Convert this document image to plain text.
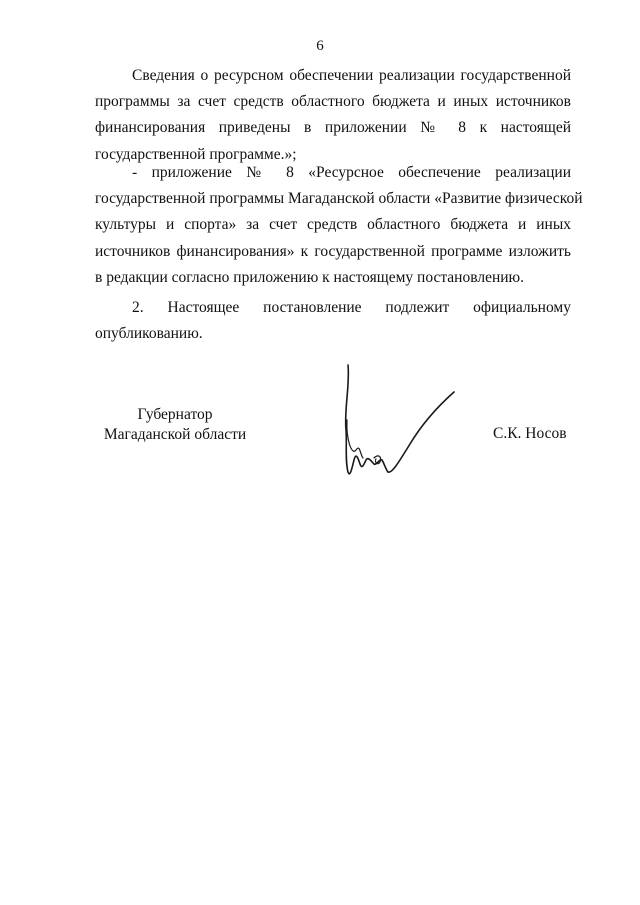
6
Сведения о ресурсном обеспечении реализации государственной
программы за счет средств областного бюджета и иных источников
финансирования приведены в приложении № 8 к настоящей
государственной программе.»;
- приложение № 8 «Ресурсное обеспечение реализации
государственной программы Магаданской области «Развитие физической
культуры и спорта» за счет средств областного бюджета и иных
источников финансирования» к государственной программе изложить
в редакции согласно приложению к настоящему постановлению.
2. Настоящее постановление подлежит официальному
опубликованию.
Губернатор
Магаданской области	С.К. Носов
